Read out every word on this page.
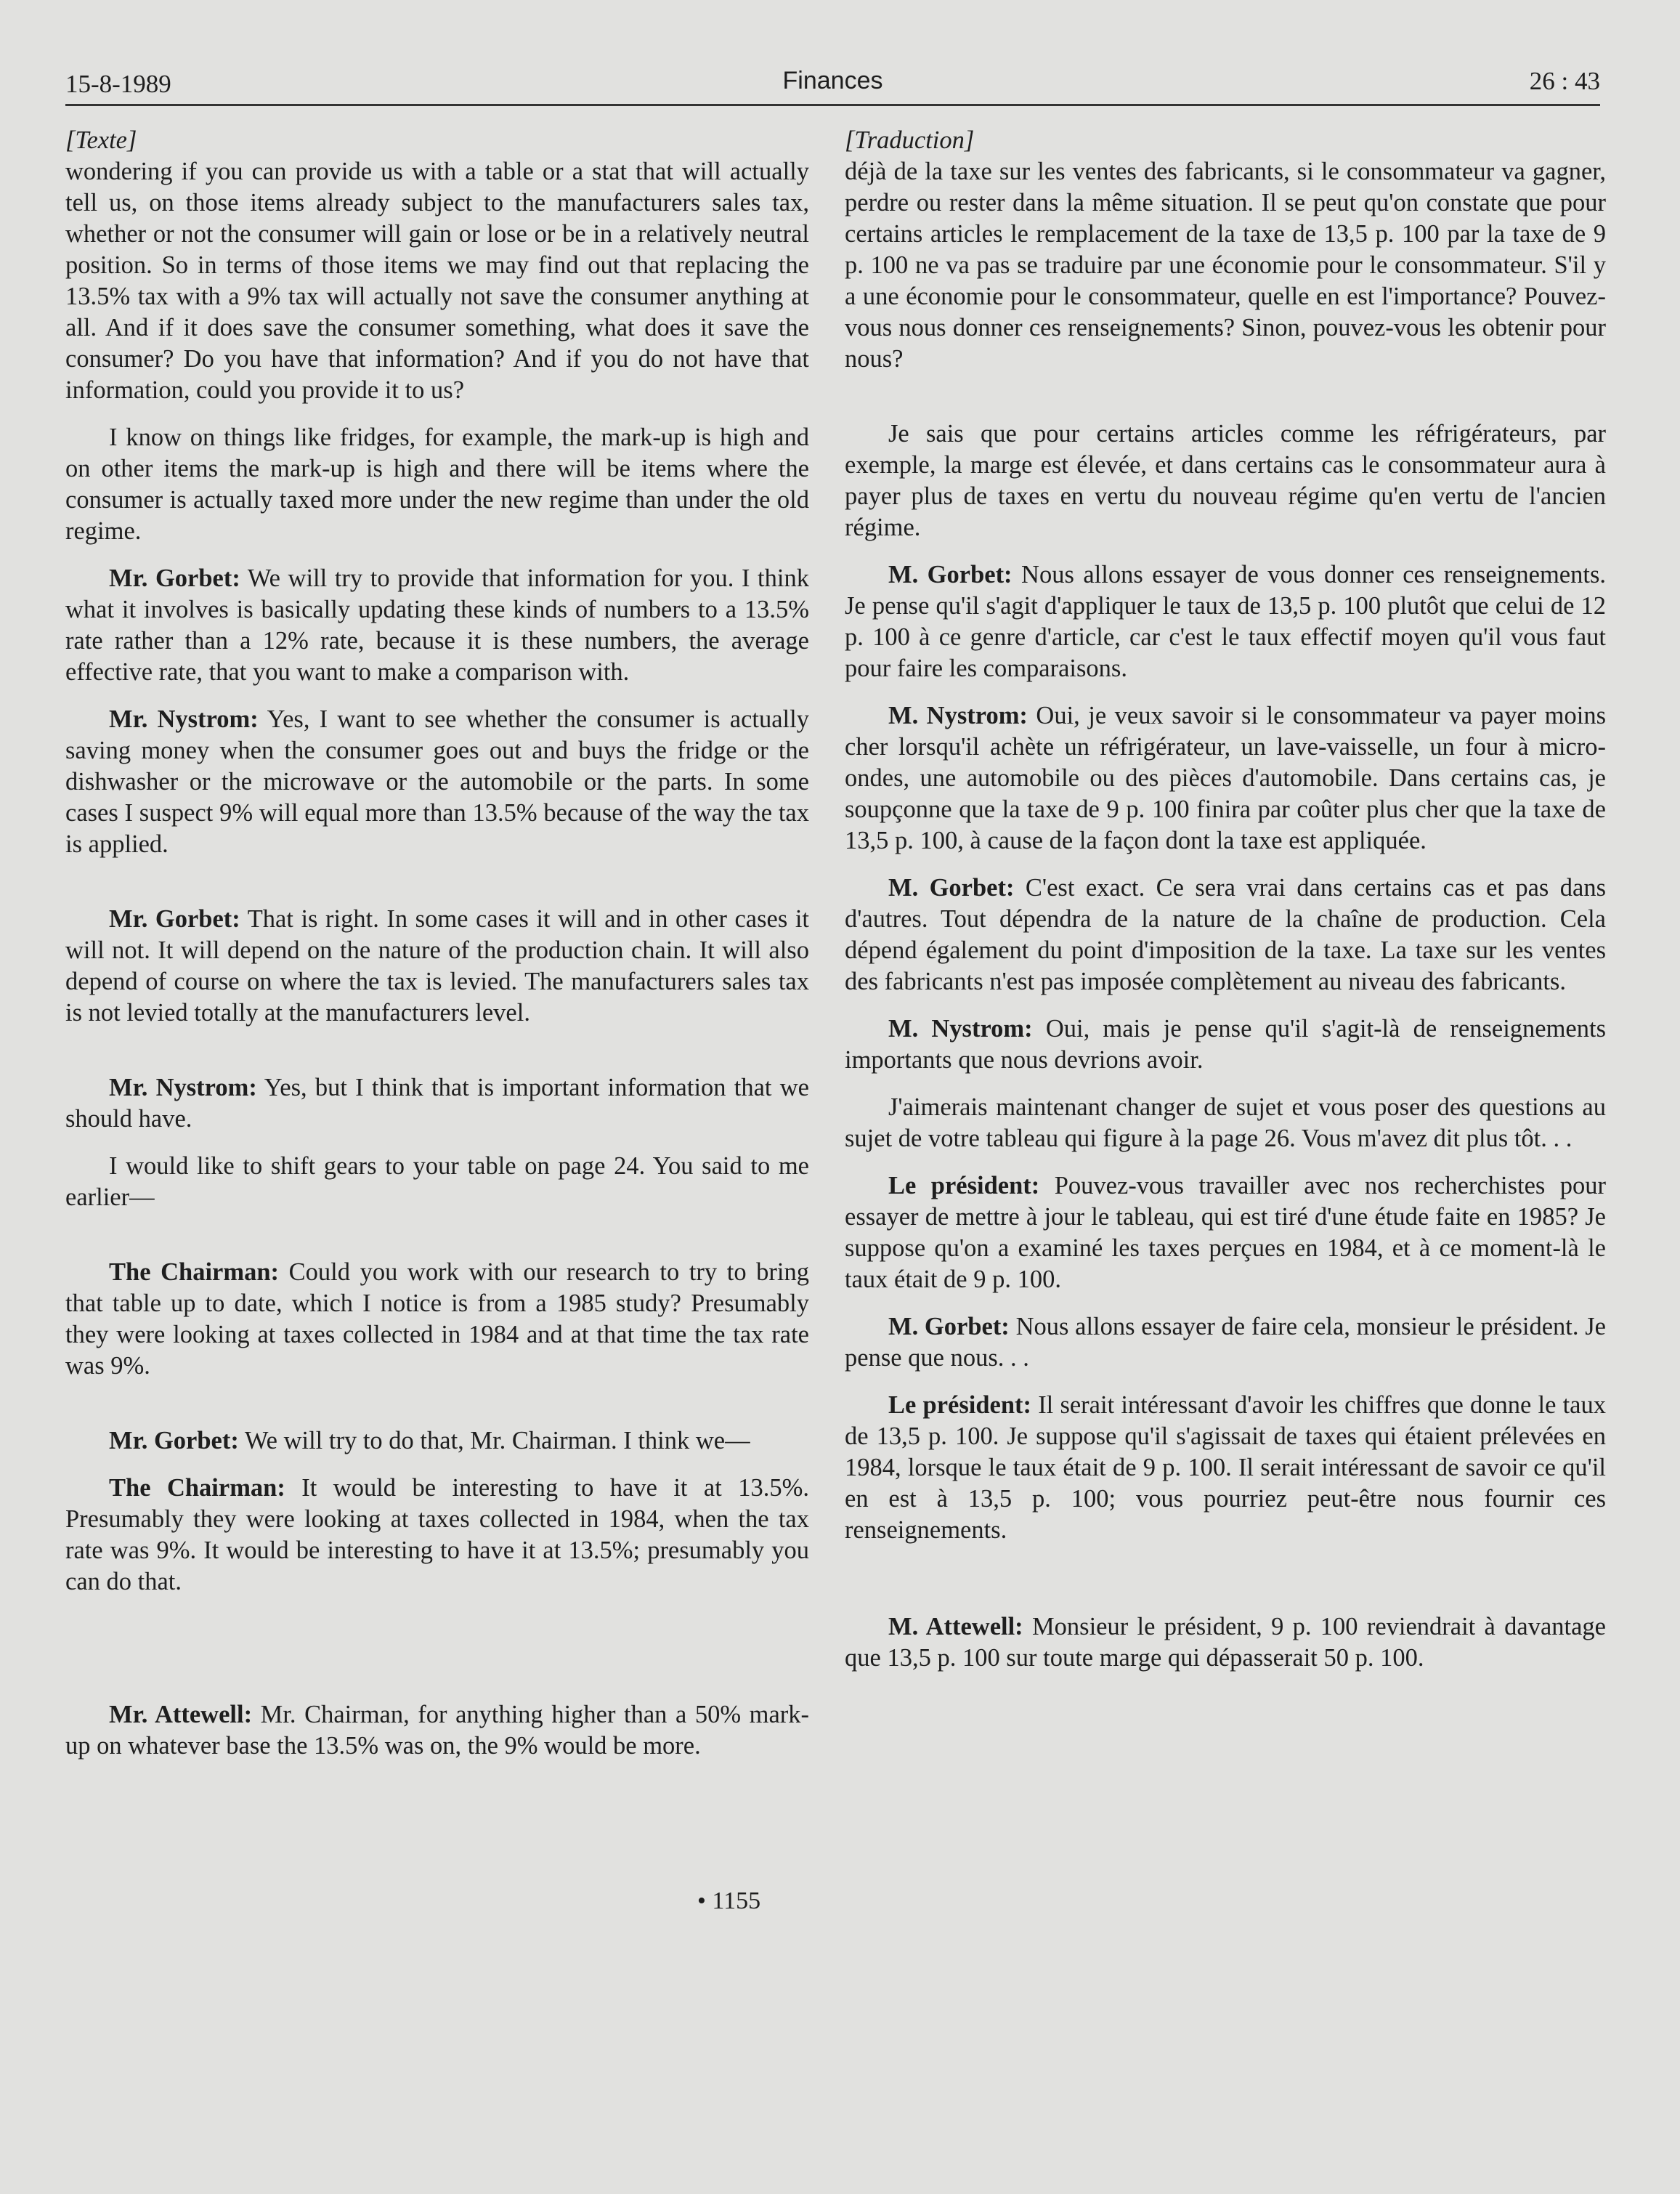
15-8-1989	Finances	26 : 43
[Texte]

wondering if you can provide us with a table or a stat that will actually tell us, on those items already subject to the manufacturers sales tax, whether or not the consumer will gain or lose or be in a relatively neutral position. So in terms of those items we may find out that replacing the 13.5% tax with a 9% tax will actually not save the consumer anything at all. And if it does save the consumer something, what does it save the consumer? Do you have that information? And if you do not have that information, could you provide it to us?

I know on things like fridges, for example, the mark-up is high and on other items the mark-up is high and there will be items where the consumer is actually taxed more under the new regime than under the old regime.

Mr. Gorbet: We will try to provide that information for you. I think what it involves is basically updating these kinds of numbers to a 13.5% rate rather than a 12% rate, because it is these numbers, the average effective rate, that you want to make a comparison with.

Mr. Nystrom: Yes, I want to see whether the consumer is actually saving money when the consumer goes out and buys the fridge or the dishwasher or the microwave or the automobile or the parts. In some cases I suspect 9% will equal more than 13.5% because of the way the tax is applied.

Mr. Gorbet: That is right. In some cases it will and in other cases it will not. It will depend on the nature of the production chain. It will also depend of course on where the tax is levied. The manufacturers sales tax is not levied totally at the manufacturers level.

Mr. Nystrom: Yes, but I think that is important information that we should have.

I would like to shift gears to your table on page 24. You said to me earlier—

The Chairman: Could you work with our research to try to bring that table up to date, which I notice is from a 1985 study? Presumably they were looking at taxes collected in 1984 and at that time the tax rate was 9%.

Mr. Gorbet: We will try to do that, Mr. Chairman. I think we—

The Chairman: It would be interesting to have it at 13.5%. Presumably they were looking at taxes collected in 1984, when the tax rate was 9%. It would be interesting to have it at 13.5%; presumably you can do that.

Mr. Attewell: Mr. Chairman, for anything higher than a 50% mark-up on whatever base the 13.5% was on, the 9% would be more.

• 1155
[Traduction]

déjà de la taxe sur les ventes des fabricants, si le consommateur va gagner, perdre ou rester dans la même situation. Il se peut qu'on constate que pour certains articles le remplacement de la taxe de 13,5 p. 100 par la taxe de 9 p. 100 ne va pas se traduire par une économie pour le consommateur. S'il y a une économie pour le consommateur, quelle en est l'importance? Pouvez-vous nous donner ces renseignements? Sinon, pouvez-vous les obtenir pour nous?

Je sais que pour certains articles comme les réfrigérateurs, par exemple, la marge est élevée, et dans certains cas le consommateur aura à payer plus de taxes en vertu du nouveau régime qu'en vertu de l'ancien régime.

M. Gorbet: Nous allons essayer de vous donner ces renseignements. Je pense qu'il s'agit d'appliquer le taux de 13,5 p. 100 plutôt que celui de 12 p. 100 à ce genre d'article, car c'est le taux effectif moyen qu'il vous faut pour faire les comparaisons.

M. Nystrom: Oui, je veux savoir si le consommateur va payer moins cher lorsqu'il achète un réfrigérateur, un lave-vaisselle, un four à micro-ondes, une automobile ou des pièces d'automobile. Dans certains cas, je soupçonne que la taxe de 9 p. 100 finira par coûter plus cher que la taxe de 13,5 p. 100, à cause de la façon dont la taxe est appliquée.

M. Gorbet: C'est exact. Ce sera vrai dans certains cas et pas dans d'autres. Tout dépendra de la nature de la chaîne de production. Cela dépend également du point d'imposition de la taxe. La taxe sur les ventes des fabricants n'est pas imposée complètement au niveau des fabricants.

M. Nystrom: Oui, mais je pense qu'il s'agit-là de renseignements importants que nous devrions avoir.

J'aimerais maintenant changer de sujet et vous poser des questions au sujet de votre tableau qui figure à la page 26. Vous m'avez dit plus tôt. . .

Le président: Pouvez-vous travailler avec nos recherchistes pour essayer de mettre à jour le tableau, qui est tiré d'une étude faite en 1985? Je suppose qu'on a examiné les taxes perçues en 1984, et à ce moment-là le taux était de 9 p. 100.

M. Gorbet: Nous allons essayer de faire cela, monsieur le président. Je pense que nous. . .

Le président: Il serait intéressant d'avoir les chiffres que donne le taux de 13,5 p. 100. Je suppose qu'il s'agissait de taxes qui étaient prélevées en 1984, lorsque le taux était de 9 p. 100. Il serait intéressant de savoir ce qu'il en est à 13,5 p. 100; vous pourriez peut-être nous fournir ces renseignements.

M. Attewell: Monsieur le président, 9 p. 100 reviendrait à davantage que 13,5 p. 100 sur toute marge qui dépasserait 50 p. 100.
